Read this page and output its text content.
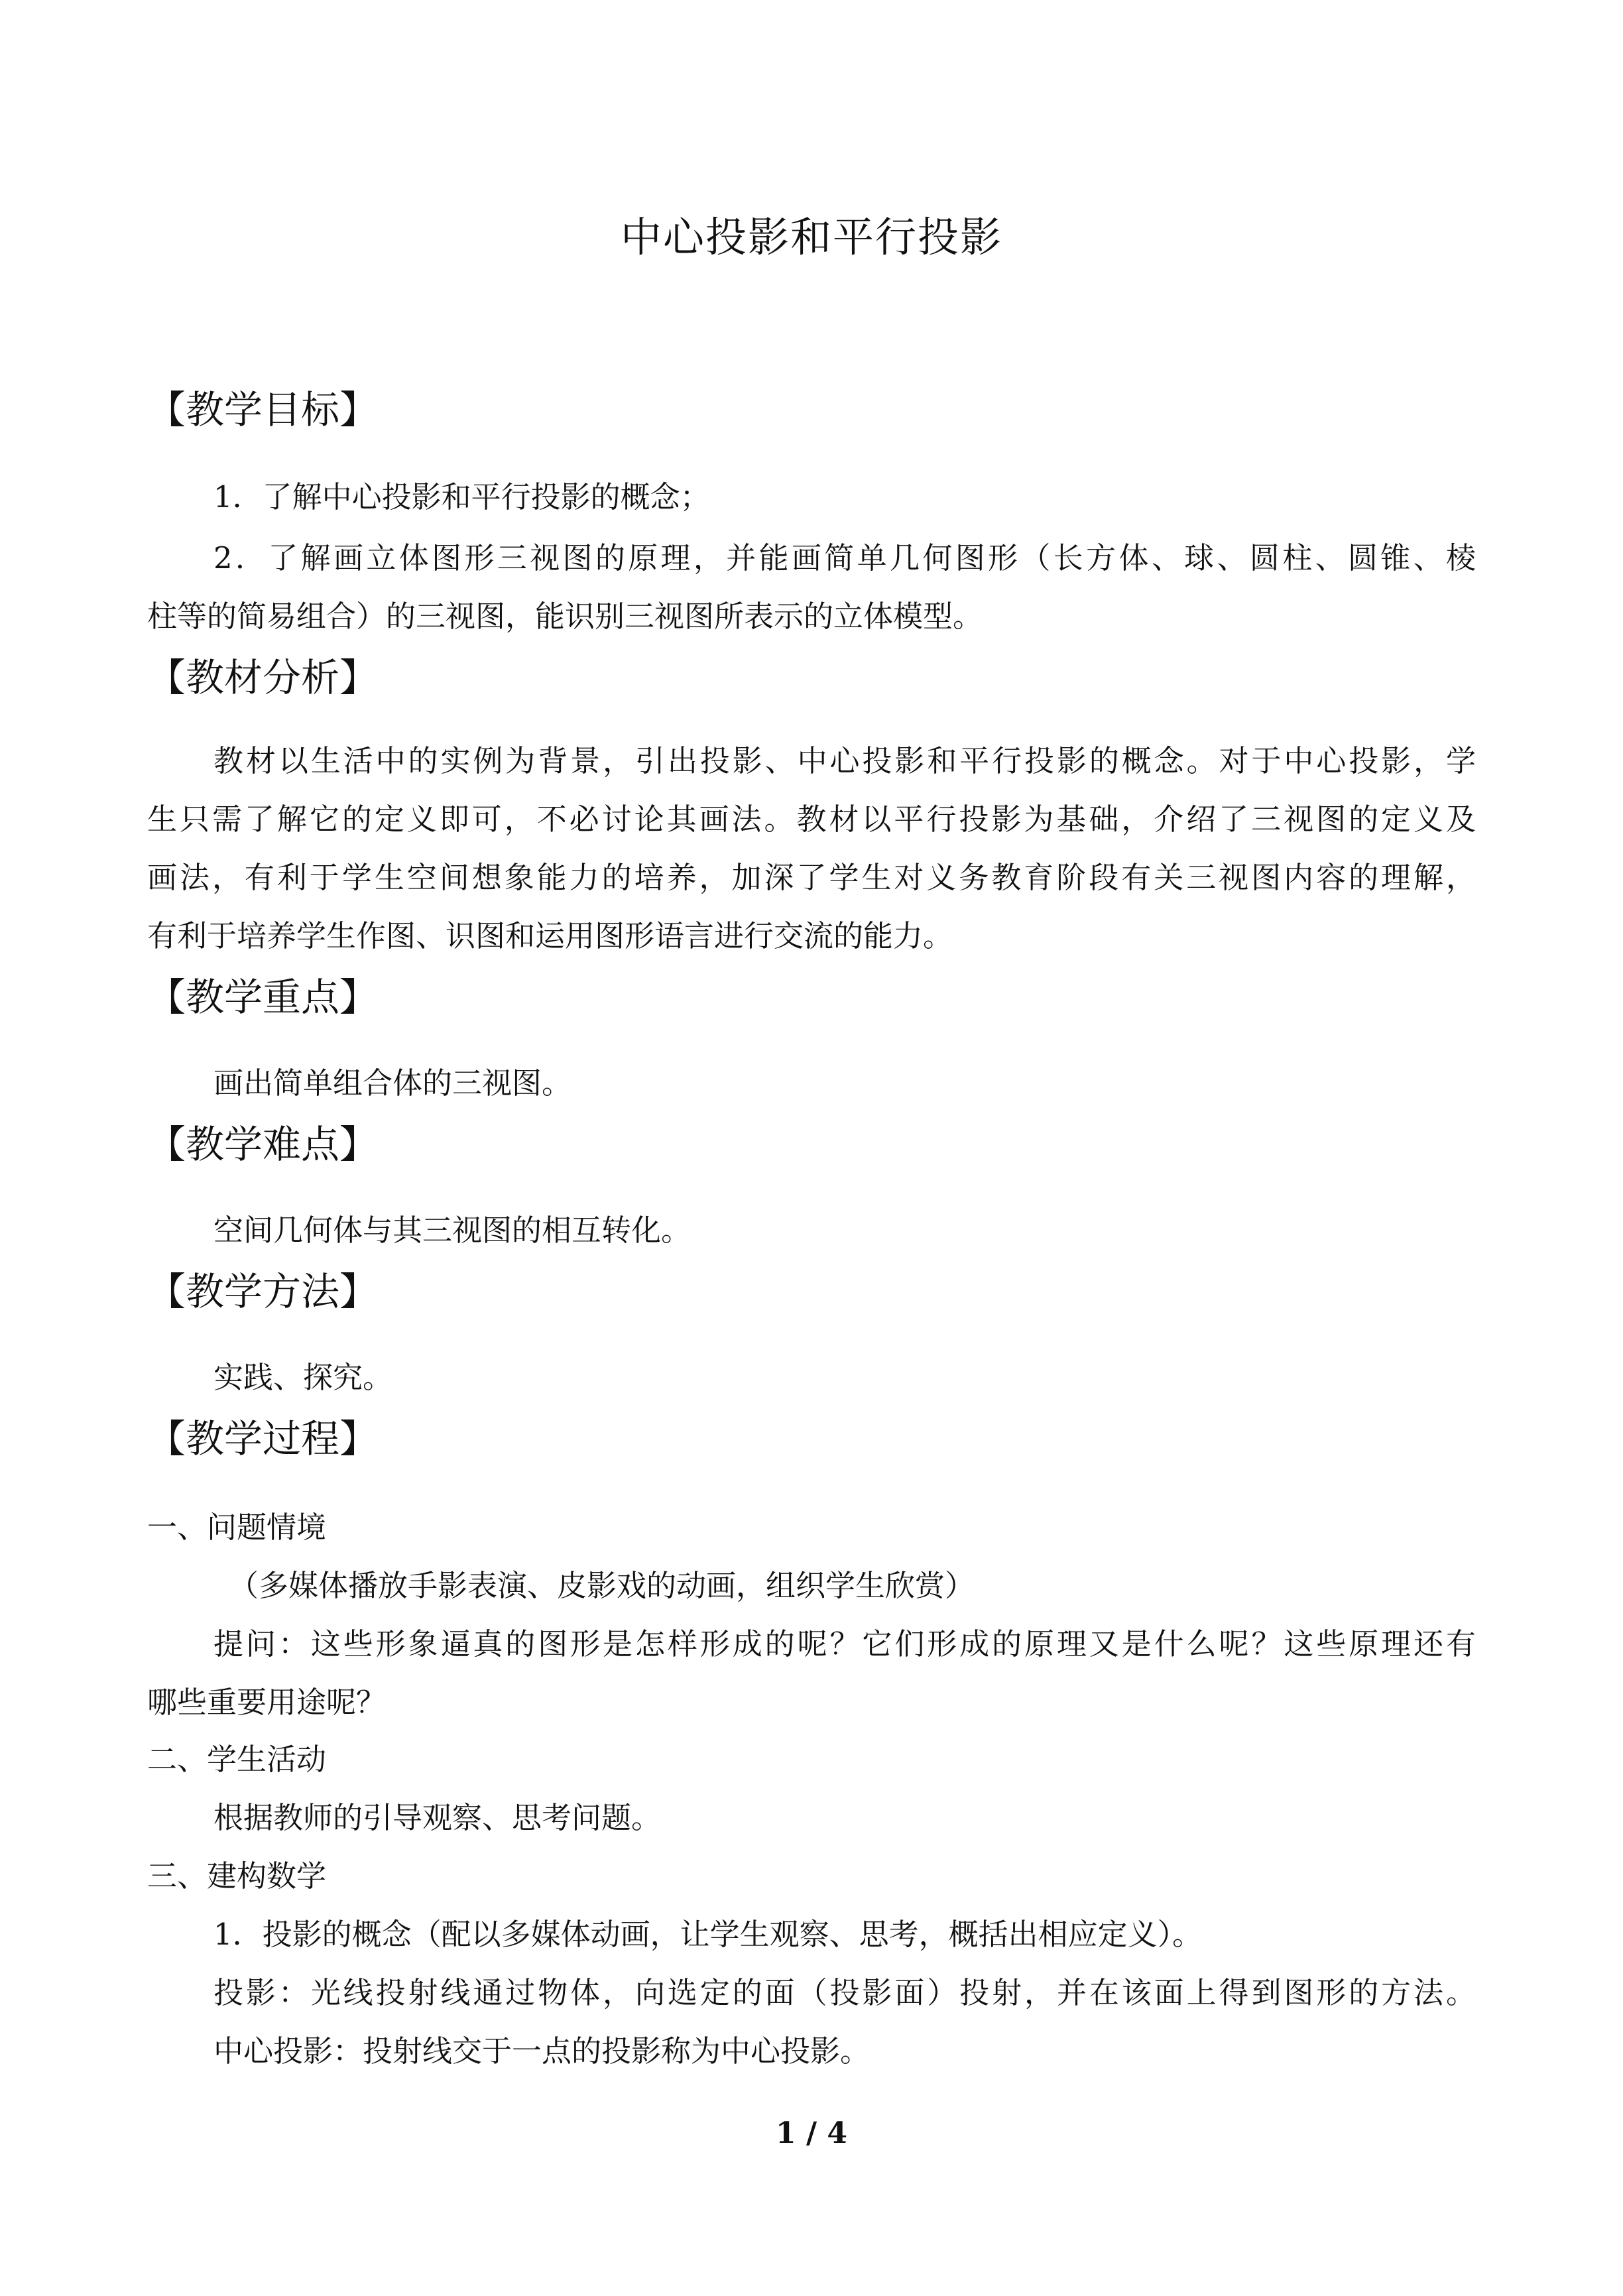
中心投影和平行投影
【教学目标】
1．了解中心投影和平行投影的概念；
2．了解画立体图形三视图的原理，并能画简单几何图形（长方体、球、圆柱、圆锥、棱
柱等的简易组合）的三视图，能识别三视图所表示的立体模型。
【教材分析】
教材以生活中的实例为背景，引出投影、中心投影和平行投影的概念。对于中心投影，学
生只需了解它的定义即可，不必讨论其画法。教材以平行投影为基础，介绍了三视图的定义及
画法，有利于学生空间想象能力的培养，加深了学生对义务教育阶段有关三视图内容的理解，
有利于培养学生作图、识图和运用图形语言进行交流的能力。
【教学重点】
画出简单组合体的三视图。
【教学难点】
空间几何体与其三视图的相互转化。
【教学方法】
实践、探究。
【教学过程】
一、问题情境
（多媒体播放手影表演、皮影戏的动画，组织学生欣赏）
提问：这些形象逼真的图形是怎样形成的呢？它们形成的原理又是什么呢？这些原理还有
哪些重要用途呢？
二、学生活动
根据教师的引导观察、思考问题。
三、建构数学
1．投影的概念（配以多媒体动画，让学生观察、思考，概括出相应定义）。
投影：光线投射线通过物体，向选定的面（投影面）投射，并在该面上得到图形的方法。
中心投影：投射线交于一点的投影称为中心投影。
1 / 4
